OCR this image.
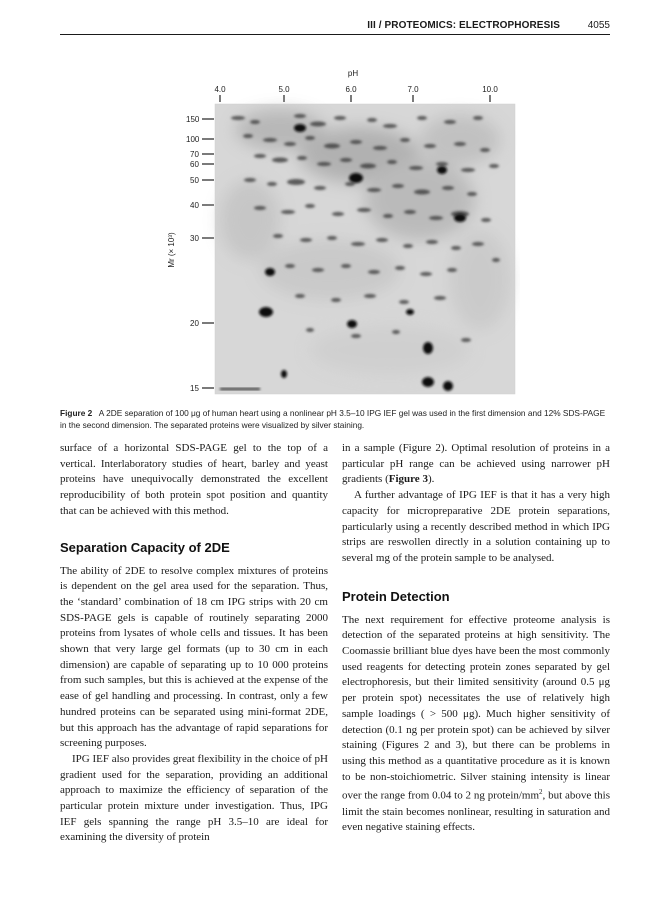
III / PROTEOMICS: ELECTROPHORESIS	4055
pH
Mr (× 10³)
4.0	5.0	6.0	7.0	10.0
150
100
70
60
50
40
30
20
15
Figure 2 A 2DE separation of 100 μg of human heart using a nonlinear pH 3.5–10 IPG IEF gel was used in the first dimension and 12% SDS-PAGE in the second dimension. The separated proteins were visualized by silver staining.

surface of a horizontal SDS-PAGE gel to the top of a vertical. Interlaboratory studies of heart, barley and yeast proteins have unequivocally demonstrated the excellent reproducibility of both protein spot position and quantity that can be achieved with this method.

Separation Capacity of 2DE

The ability of 2DE to resolve complex mixtures of proteins is dependent on the gel area used for the separation. Thus, the ‘standard’ combination of 18 cm IPG strips with 20 cm SDS-PAGE gels is capable of routinely separating 2000 proteins from lysates of whole cells and tissues. It has been shown that very large gel formats (up to 30 cm in each dimension) are capable of separating up to 10 000 proteins from such samples, but this is achieved at the expense of the ease of gel handling and processing. In contrast, only a few hundred proteins can be separated using mini-format 2DE, but this approach has the advantage of rapid separations for screening purposes.

IPG IEF also provides great flexibility in the choice of pH gradient used for the separation, providing an additional approach to maximize the efficiency of separation of the particular protein mixture under investigation. Thus, IPG IEF gels spanning the range pH 3.5–10 are ideal for examining the diversity of protein

in a sample (Figure 2). Optimal resolution of proteins in a particular pH range can be achieved using narrower pH gradients (Figure 3).

A further advantage of IPG IEF is that it has a very high capacity for micropreparative 2DE protein separations, particularly using a recently described method in which IPG strips are reswollen directly in a solution containing up to several mg of the protein sample to be analysed.

Protein Detection

The next requirement for effective proteome analysis is detection of the separated proteins at high sensitivity. The Coomassie brilliant blue dyes have been the most commonly used reagents for detecting protein zones separated by gel electrophoresis, but their limited sensitivity (around 0.5 μg per protein spot) necessitates the use of relatively high sample loadings ( > 500 μg). Much higher sensitivity of detection (0.1 ng per protein spot) can be achieved by silver staining (Figures 2 and 3), but there can be problems in using this method as a quantitative procedure as it is known to be non-stoichiometric. Silver staining intensity is linear over the range from 0.04 to 2 ng protein/$mm^2$, but above this limit the stain becomes nonlinear, resulting in saturation and even negative staining effects.
